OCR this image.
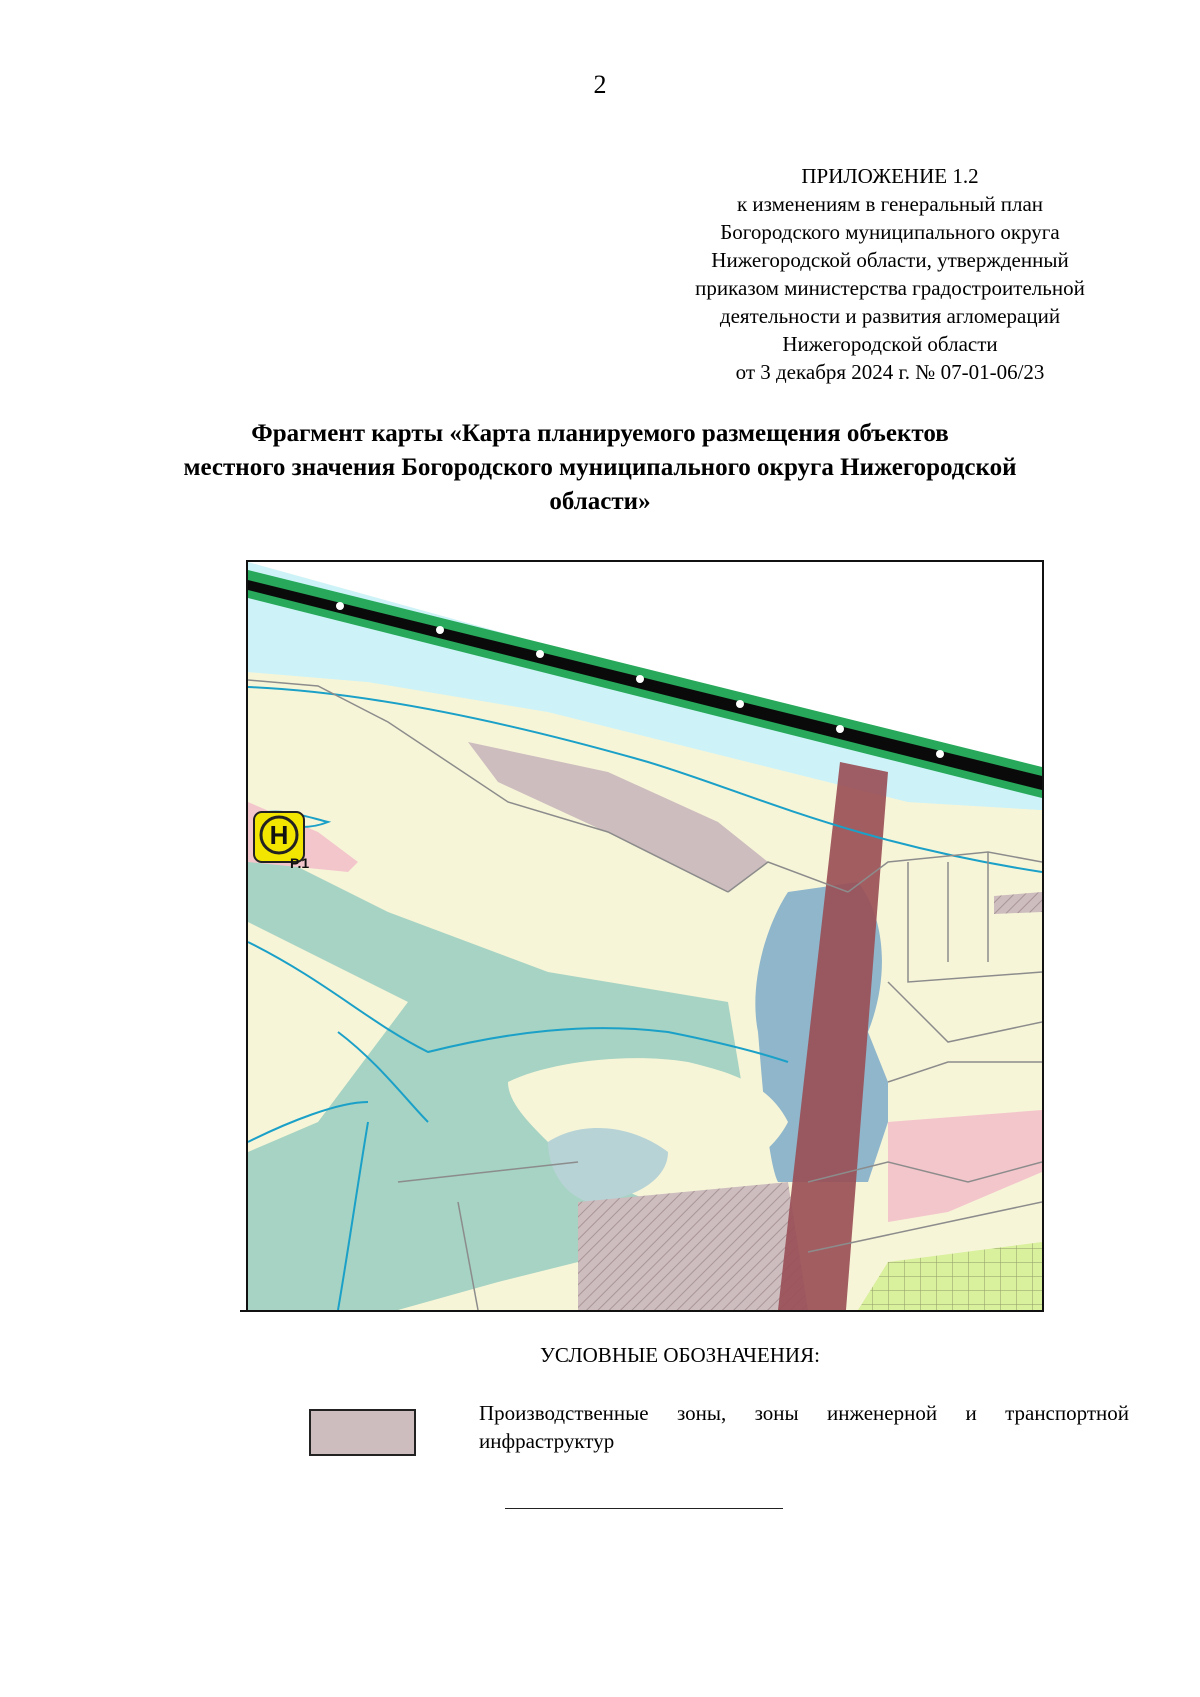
2
ПРИЛОЖЕНИЕ 1.2
к изменениям в генеральный план
Богородского муниципального округа
Нижегородской области, утвержденный
приказом министерства градостроительной
деятельности и развития агломераций
Нижегородской области
от 3 декабря 2024 г. № 07-01-06/23
Фрагмент карты «Карта планируемого размещения объектов
местного значения Богородского муниципального округа Нижегородской
области»
Н
P.1
УСЛОВНЫЕ ОБОЗНАЧЕНИЯ:
Производственные зоны, зоны инженерной и транспортной инфраструктур
